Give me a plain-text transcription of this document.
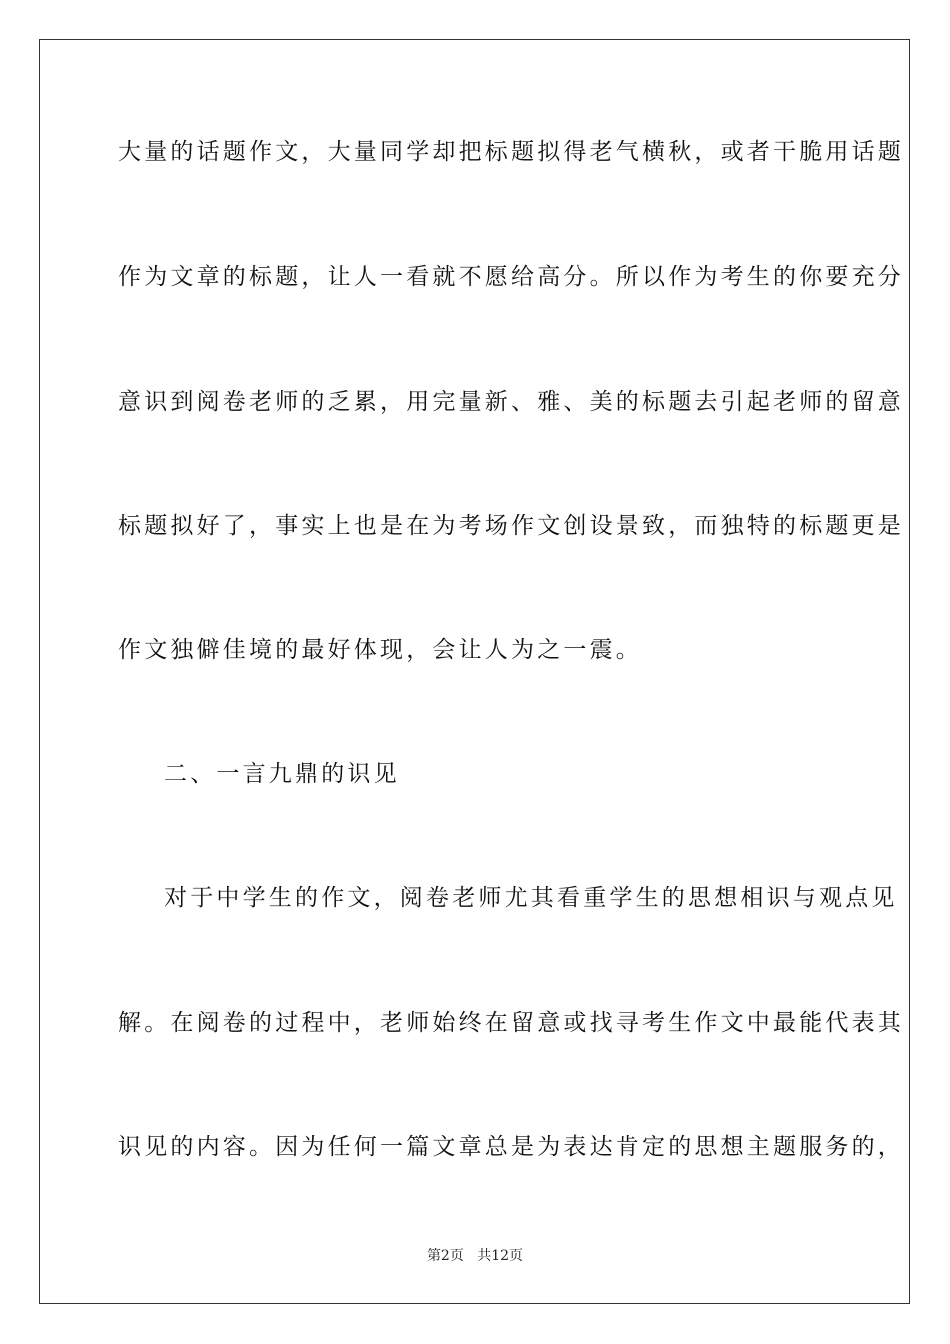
大量的话题作文，大量同学却把标题拟得老气横秋，或者干脆用话题
作为文章的标题，让人一看就不愿给高分。所以作为考生的你要充分
意识到阅卷老师的乏累，用完量新、雅、美的标题去引起老师的留意
标题拟好了，事实上也是在为考场作文创设景致，而独特的标题更是
作文独僻佳境的最好体现，会让人为之一震。
二、一言九鼎的识见
对于中学生的作文，阅卷老师尤其看重学生的思想相识与观点见
解。在阅卷的过程中，老师始终在留意或找寻考生作文中最能代表其
识见的内容。因为任何一篇文章总是为表达肯定的思想主题服务的，
第2页 共12页
